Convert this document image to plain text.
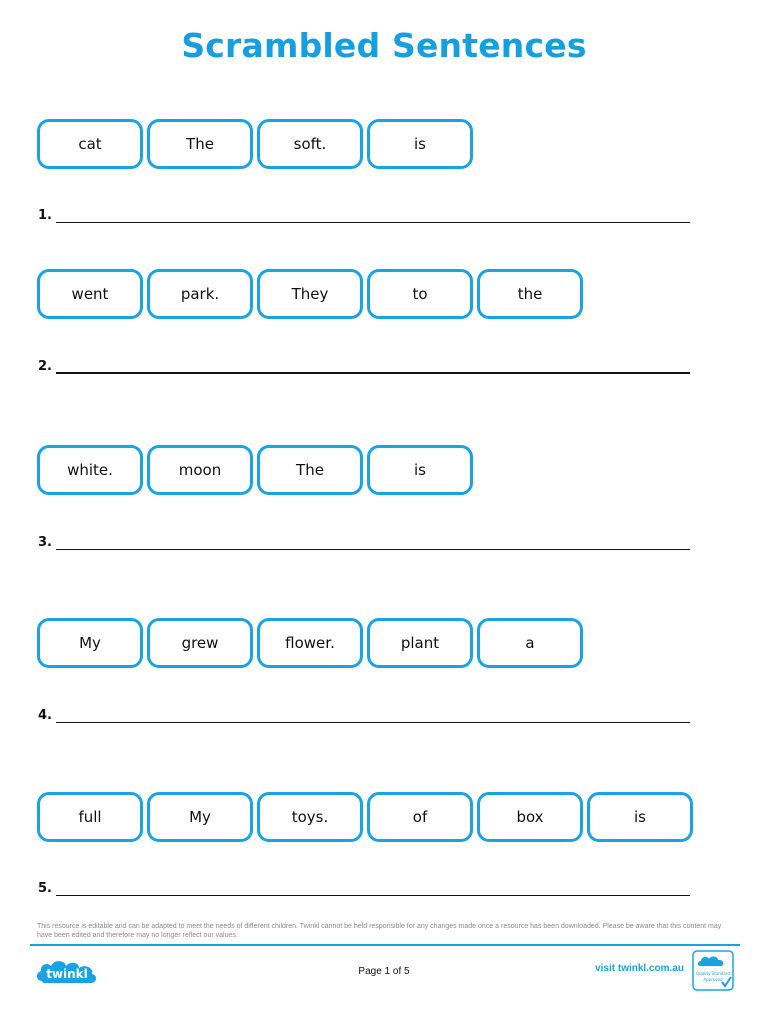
Scrambled Sentences
cat	The	soft.	is
1.
went	park.	They	to	the
2.
white.	moon	The	is
3.
My	grew	flower.	plant	a
4.
full	My	toys.	of	box	is
5.
This resource is editable and can be adapted to meet the needs of different children. Twinkl cannot be held responsible for any changes made once a resource has been downloaded. Please be aware that this content may have been edited and therefore may no longer reflect our values.
twinkl	Page 1 of 5	visit twinkl.com.au	Quality Standard
Approved
